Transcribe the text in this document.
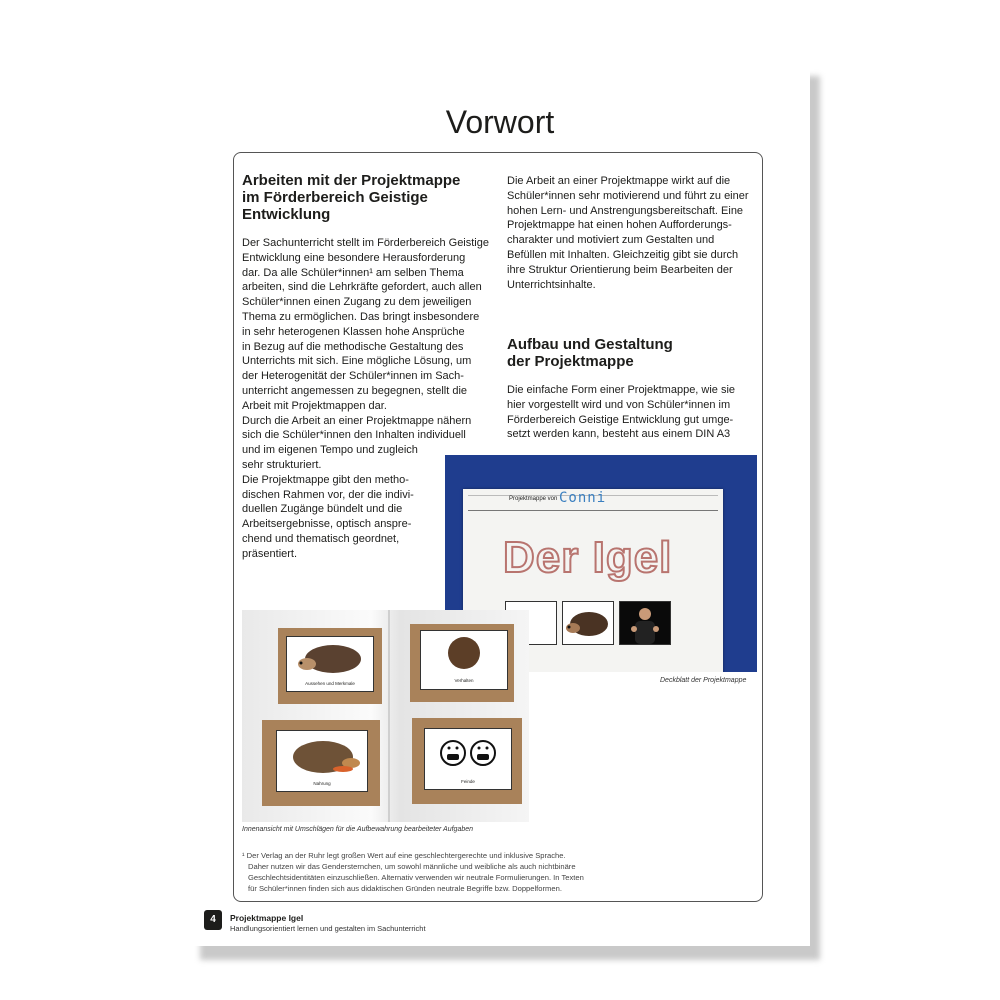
Vorwort
Arbeiten mit der Projektmappe
im Förderbereich Geistige
Entwicklung

Der Sachunterricht stellt im Förderbereich Geistige

Entwicklung eine besondere Herausforderung

dar. Da alle Schüler*innen¹ am selben Thema

arbeiten, sind die Lehrkräfte gefordert, auch allen

Schüler*innen einen Zugang zu dem jeweiligen

Thema zu ermöglichen. Das bringt insbesondere

in sehr heterogenen Klassen hohe Ansprüche

in Bezug auf die methodische Gestaltung des

Unterrichts mit sich. Eine mögliche Lösung, um

der Heterogenität der Schüler*innen im Sach-

unterricht angemessen zu begegnen, stellt die

Arbeit mit Projektmappen dar.

Durch die Arbeit an einer Projektmappe nähern

sich die Schüler*innen den Inhalten individuell

und im eigenen Tempo und zugleich

sehr strukturiert.

Die Projektmappe gibt den metho-

dischen Rahmen vor, der die indivi-

duellen Zugänge bündelt und die

Arbeitsergebnisse, optisch anspre-

chend und thematisch geordnet,

präsentiert.

Die Arbeit an einer Projektmappe wirkt auf die

Schüler*innen sehr motivierend und führt zu einer

hohen Lern- und Anstrengungsbereitschaft. Eine

Projektmappe hat einen hohen Aufforderungs-

charakter und motiviert zum Gestalten und

Befüllen mit Inhalten. Gleichzeitig gibt sie durch

ihre Struktur Orientierung beim Bearbeiten der

Unterrichtsinhalte.

Aufbau und Gestaltung
der Projektmappe

Die einfache Form einer Projektmappe, wie sie

hier vorgestellt wird und von Schüler*innen im

Förderbereich Geistige Entwicklung gut umge-

setzt werden kann, besteht aus einem DIN A3

Projektmappe von Conni
Der Igel
Deckblatt der Projektmappe
Aussehen und Merkmale
Verhalten
Nahrung	Feinde
Innenansicht mit Umschlägen für die Aufbewahrung bearbeiteter Aufgaben

¹ Der Verlag an der Ruhr legt großen Wert auf eine geschlechtergerechte und inklusive Sprache.

Daher nutzen wir das Gendersternchen, um sowohl männliche und weibliche als auch nichtbinäre

Geschlechtsidentitäten einzuschließen. Alternativ verwenden wir neutrale Formulierungen. In Texten

für Schüler*innen finden sich aus didaktischen Gründen neutrale Begriffe bzw. Doppelformen.

4	Projektmappe Igel
Handlungsorientiert lernen und gestalten im Sachunterricht
